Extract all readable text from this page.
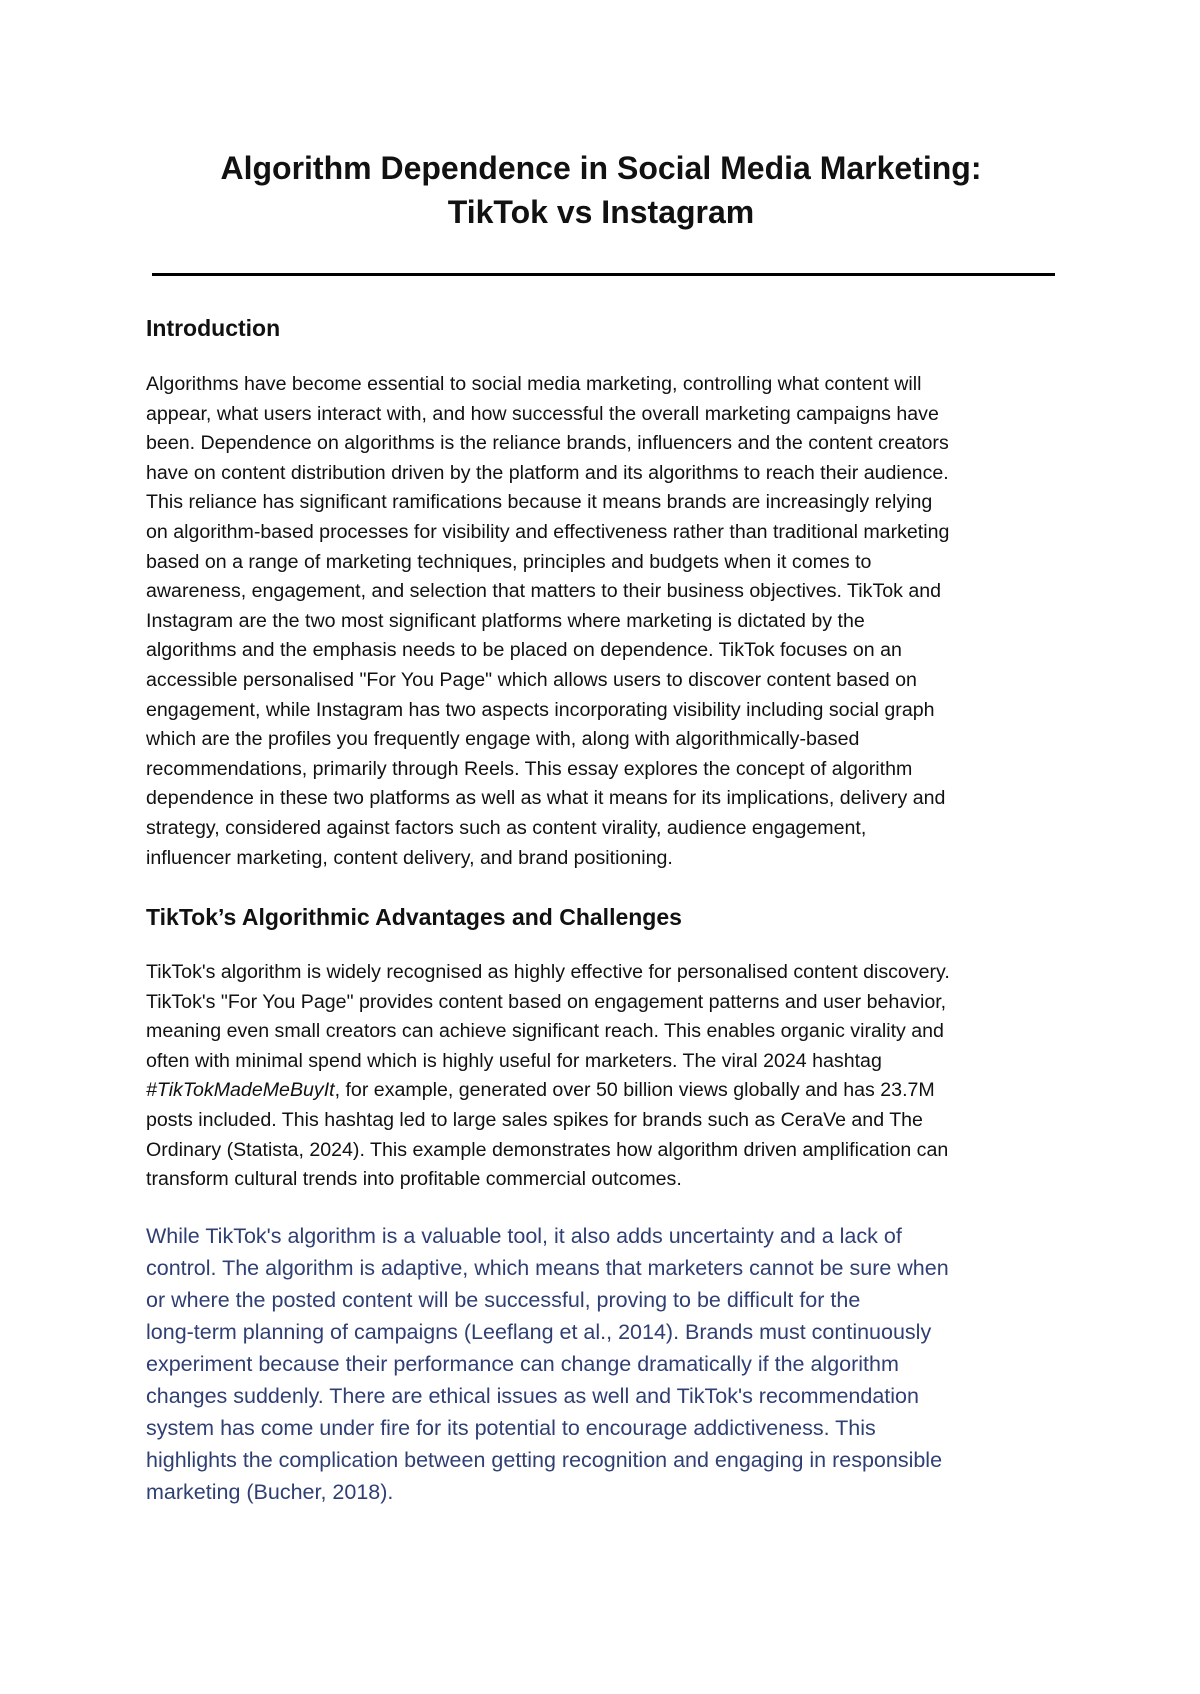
Algorithm Dependence in Social Media Marketing:
TikTok vs Instagram
Introduction

Algorithms have become essential to social media marketing, controlling what content will
appear, what users interact with, and how successful the overall marketing campaigns have
been. Dependence on algorithms is the reliance brands, influencers and the content creators
have on content distribution driven by the platform and its algorithms to reach their audience.
This reliance has significant ramifications because it means brands are increasingly relying
on algorithm-based processes for visibility and effectiveness rather than traditional marketing
based on a range of marketing techniques, principles and budgets when it comes to
awareness, engagement, and selection that matters to their business objectives. TikTok and
Instagram are the two most significant platforms where marketing is dictated by the
algorithms and the emphasis needs to be placed on dependence. TikTok focuses on an
accessible personalised "For You Page" which allows users to discover content based on
engagement, while Instagram has two aspects incorporating visibility including social graph
which are the profiles you frequently engage with, along with algorithmically-based
recommendations, primarily through Reels. This essay explores the concept of algorithm
dependence in these two platforms as well as what it means for its implications, delivery and
strategy, considered against factors such as content virality, audience engagement,
influencer marketing, content delivery, and brand positioning.

TikTok’s Algorithmic Advantages and Challenges

TikTok's algorithm is widely recognised as highly effective for personalised content discovery.
TikTok's "For You Page" provides content based on engagement patterns and user behavior,
meaning even small creators can achieve significant reach. This enables organic virality and
often with minimal spend which is highly useful for marketers. The viral 2024 hashtag
#TikTokMadeMeBuyIt, for example, generated over 50 billion views globally and has 23.7M
posts included. This hashtag led to large sales spikes for brands such as CeraVe and The
Ordinary (Statista, 2024). This example demonstrates how algorithm driven amplification can
transform cultural trends into profitable commercial outcomes.

While TikTok's algorithm is a valuable tool, it also adds uncertainty and a lack of
control. The algorithm is adaptive, which means that marketers cannot be sure when
or where the posted content will be successful, proving to be difficult for the
long-term planning of campaigns (Leeflang et al., 2014). Brands must continuously
experiment because their performance can change dramatically if the algorithm
changes suddenly. There are ethical issues as well and TikTok's recommendation
system has come under fire for its potential to encourage addictiveness. This
highlights the complication between getting recognition and engaging in responsible
marketing (Bucher, 2018).
